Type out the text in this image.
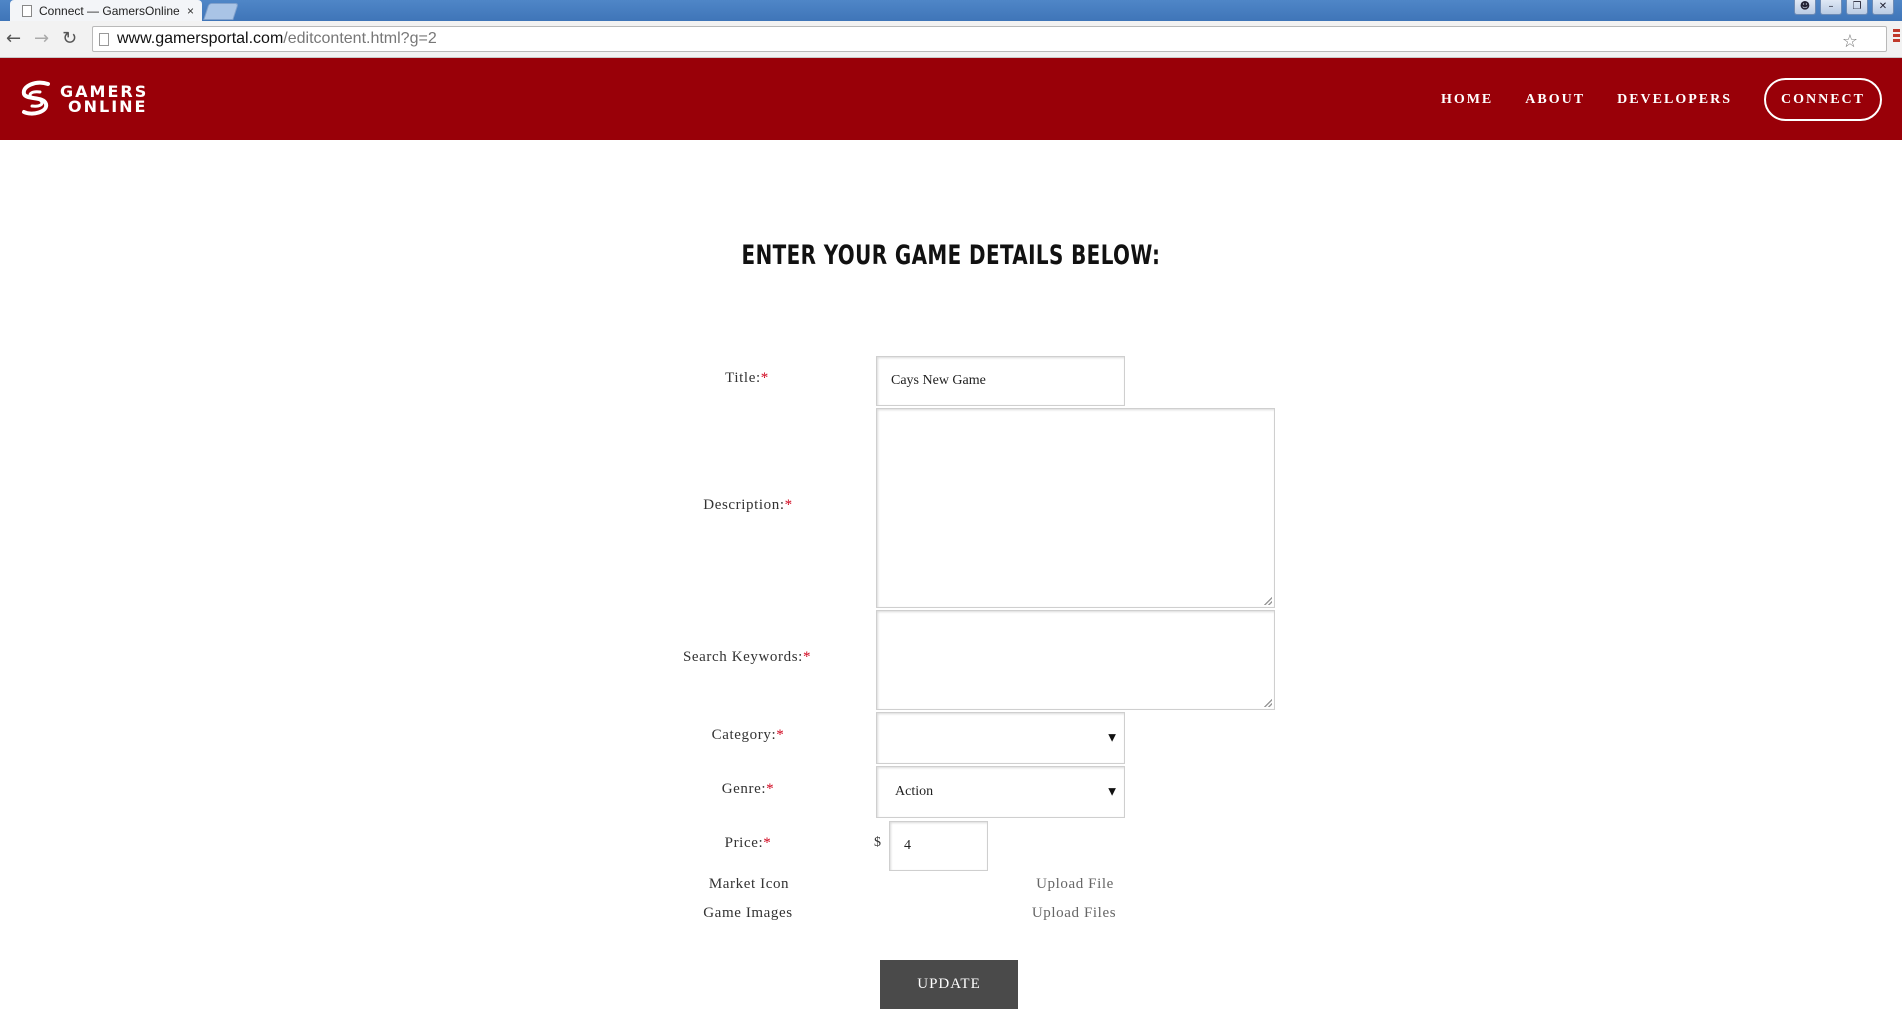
Connect — GamersOnline ×	☻	–	❐	✕
← → ↻ www.gamersportal.com /editcontent.html?g=2	☆
GAMERS
ONLINE	HOME ABOUT DEVELOPERS	CONNECT
ENTER YOUR GAME DETAILS BELOW:
Title:*	Cays New Game
Description:*
Search Keywords:*
Category:*	▼
Genre:*	Action	▼
Price:*	$ 4
Market Icon	Upload File
Game Images	Upload Files
UPDATE
